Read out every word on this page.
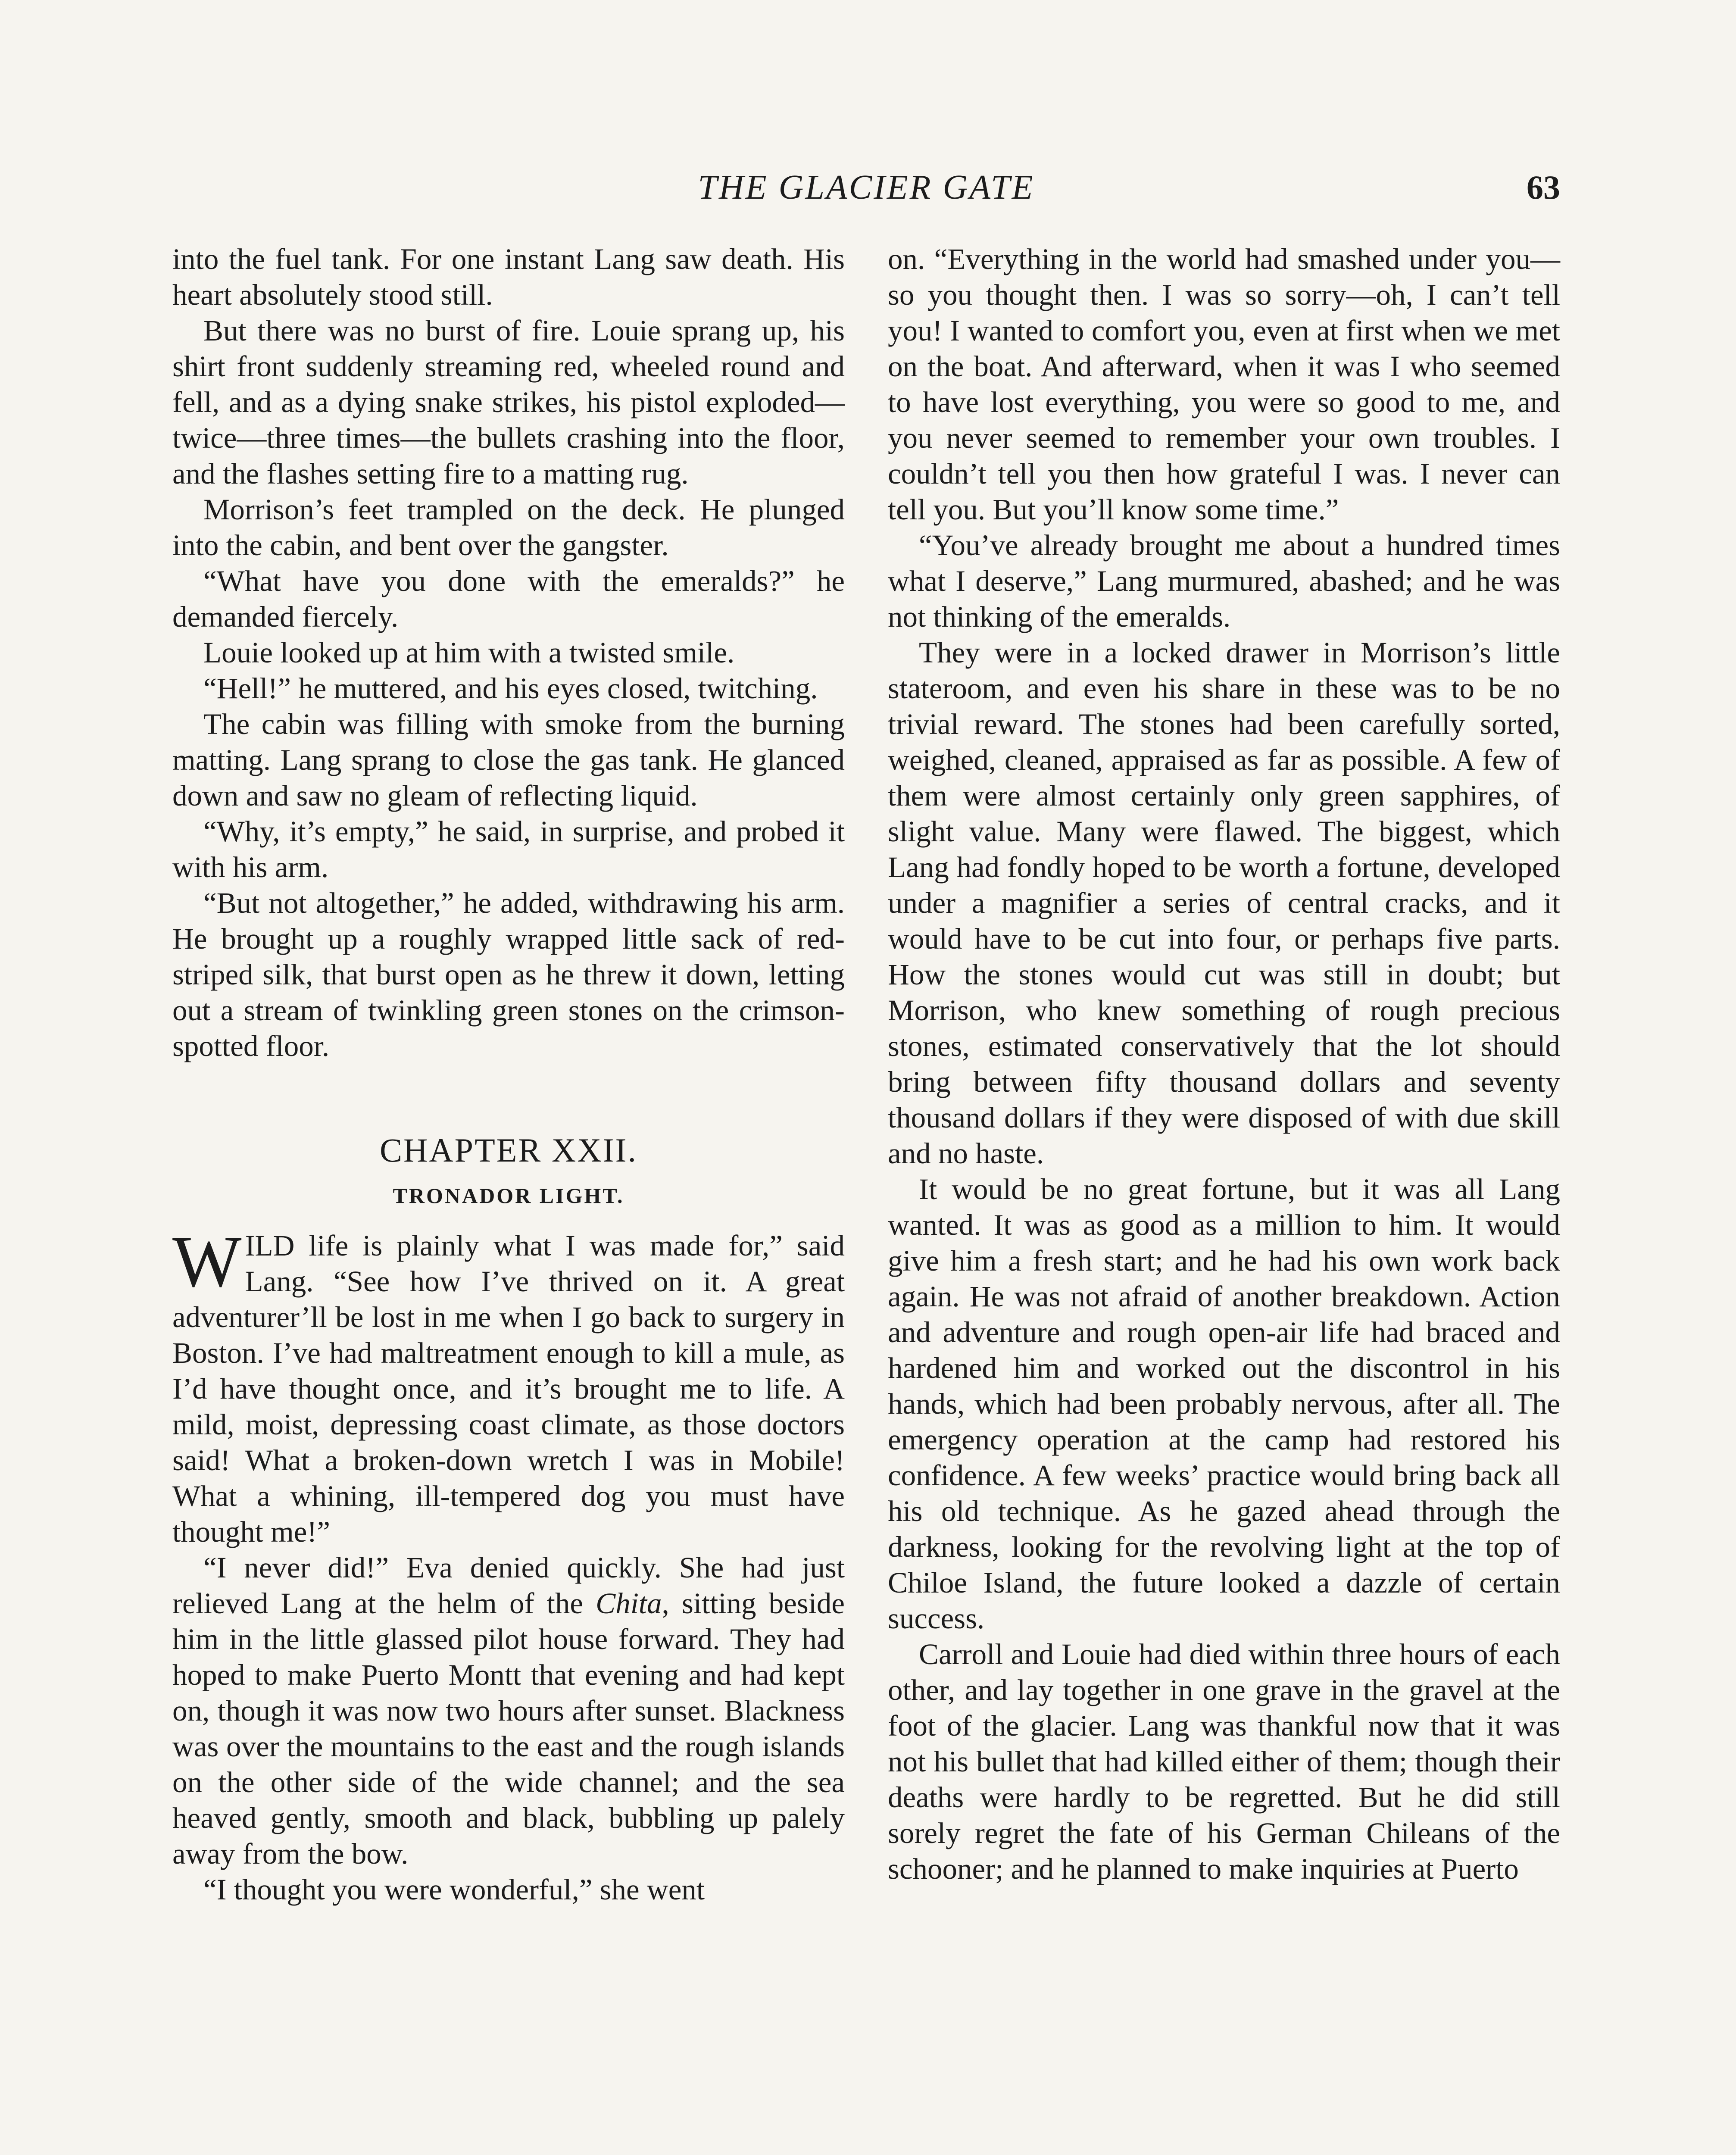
THE GLACIER GATE	63

into the fuel tank. For one instant Lang saw death. His heart absolutely stood still.

But there was no burst of fire. Louie sprang up, his shirt front suddenly streaming red, wheeled round and fell, and as a dying snake strikes, his pistol exploded—twice—three times—the bullets crashing into the floor, and the flashes setting fire to a matting rug.

Morrison’s feet trampled on the deck. He plunged into the cabin, and bent over the gangster.

“What have you done with the emeralds?” he demanded fiercely.

Louie looked up at him with a twisted smile.

“Hell!” he muttered, and his eyes closed, twitching.

The cabin was filling with smoke from the burning matting. Lang sprang to close the gas tank. He glanced down and saw no gleam of reflecting liquid.

“Why, it’s empty,” he said, in surprise, and probed it with his arm.

“But not altogether,” he added, withdrawing his arm. He brought up a roughly wrapped little sack of red-striped silk, that burst open as he threw it down, letting out a stream of twinkling green stones on the crimson-spotted floor.

CHAPTER XXII.
TRONADOR LIGHT.

WILD life is plainly what I was made for,” said Lang. “See how I’ve thrived on it. A great adventurer’ll be lost in me when I go back to surgery in Boston. I’ve had maltreatment enough to kill a mule, as I’d have thought once, and it’s brought me to life. A mild, moist, depressing coast climate, as those doctors said! What a broken-down wretch I was in Mobile! What a whining, ill-tempered dog you must have thought me!”

“I never did!” Eva denied quickly. She had just relieved Lang at the helm of the Chita, sitting beside him in the little glassed pilot house forward. They had hoped to make Puerto Montt that evening and had kept on, though it was now two hours after sunset. Blackness was over the mountains to the east and the rough islands on the other side of the wide channel; and the sea heaved gently, smooth and black, bubbling up palely away from the bow.

“I thought you were wonderful,” she went

on. “Everything in the world had smashed under you—so you thought then. I was so sorry—oh, I can’t tell you! I wanted to comfort you, even at first when we met on the boat. And afterward, when it was I who seemed to have lost everything, you were so good to me, and you never seemed to remember your own troubles. I couldn’t tell you then how grateful I was. I never can tell you. But you’ll know some time.”

“You’ve already brought me about a hundred times what I deserve,” Lang murmured, abashed; and he was not thinking of the emeralds.

They were in a locked drawer in Morrison’s little stateroom, and even his share in these was to be no trivial reward. The stones had been carefully sorted, weighed, cleaned, appraised as far as possible. A few of them were almost certainly only green sapphires, of slight value. Many were flawed. The biggest, which Lang had fondly hoped to be worth a fortune, developed under a magnifier a series of central cracks, and it would have to be cut into four, or perhaps five parts. How the stones would cut was still in doubt; but Morrison, who knew something of rough precious stones, estimated conservatively that the lot should bring between fifty thousand dollars and seventy thousand dollars if they were disposed of with due skill and no haste.

It would be no great fortune, but it was all Lang wanted. It was as good as a million to him. It would give him a fresh start; and he had his own work back again. He was not afraid of another breakdown. Action and adventure and rough open-air life had braced and hardened him and worked out the discontrol in his hands, which had been probably nervous, after all. The emergency operation at the camp had restored his confidence. A few weeks’ practice would bring back all his old technique. As he gazed ahead through the darkness, looking for the revolving light at the top of Chiloe Island, the future looked a dazzle of certain success.

Carroll and Louie had died within three hours of each other, and lay together in one grave in the gravel at the foot of the glacier. Lang was thankful now that it was not his bullet that had killed either of them; though their deaths were hardly to be regretted. But he did still sorely regret the fate of his German Chileans of the schooner; and he planned to make inquiries at Puerto
